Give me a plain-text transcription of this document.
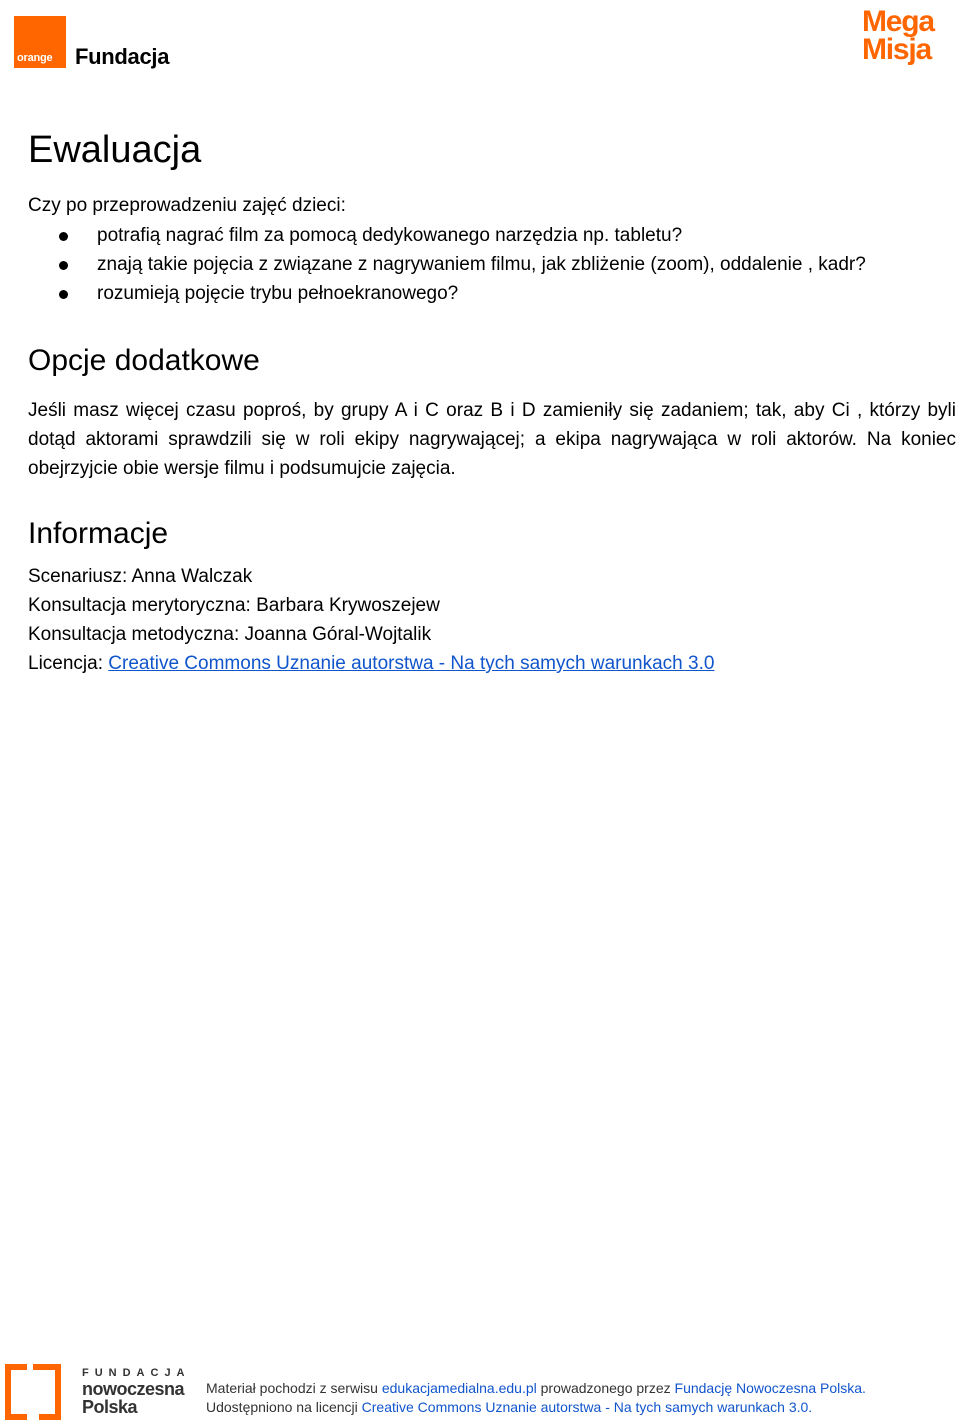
orange Fundacja
Mega
Misja
Ewaluacja
Czy po przeprowadzeniu zajęć dzieci:
potrafią nagrać film za pomocą dedykowanego narzędzia np. tabletu?
znają takie pojęcia z związane z nagrywaniem filmu, jak zbliżenie (zoom), oddalenie , kadr?
rozumieją pojęcie trybu pełnoekranowego?
Opcje dodatkowe

Jeśli masz więcej czasu poproś, by grupy A i C oraz B i D zamieniły się zadaniem; tak, aby Ci , którzy byli dotąd aktorami sprawdzili się w roli ekipy nagrywającej; a ekipa nagrywająca w roli aktorów. Na koniec obejrzyjcie obie wersje filmu i podsumujcie zajęcia.

Informacje
Scenariusz: Anna Walczak
Konsultacja merytoryczna: Barbara Krywoszejew
Konsultacja metodyczna: Joanna Góral-Wojtalik
Licencja: Creative Commons Uznanie autorstwa - Na tych samych warunkach 3.0
FUNDACJA
nowoczesna
Polska
Materiał pochodzi z serwisu edukacjamedialna.edu.pl prowadzonego przez Fundację Nowoczesna Polska.
Udostępniono na licencji Creative Commons Uznanie autorstwa - Na tych samych warunkach 3.0.
